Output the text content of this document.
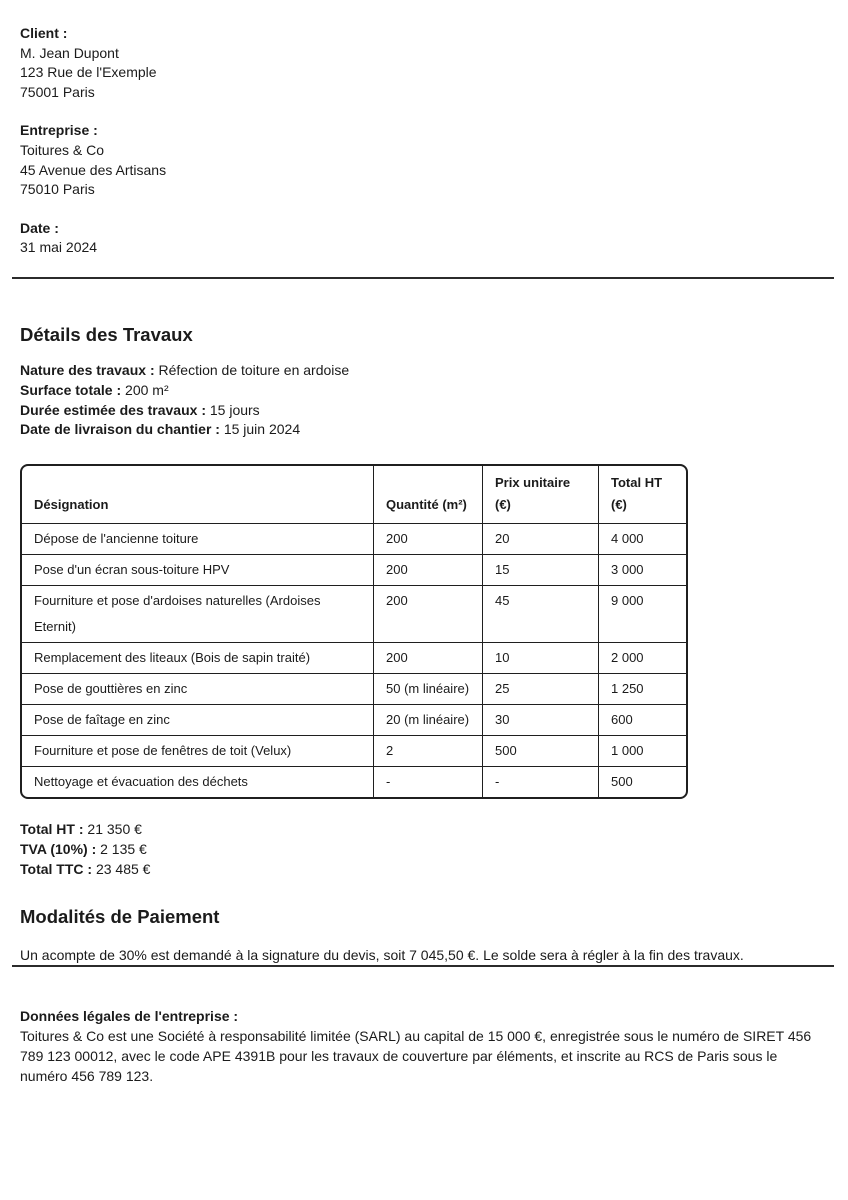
Client :
M. Jean Dupont
123 Rue de l'Exemple
75001 Paris
Entreprise :
Toitures & Co
45 Avenue des Artisans
75010 Paris
Date :
31 mai 2024
Détails des Travaux
Nature des travaux : Réfection de toiture en ardoise
Surface totale : 200 m²
Durée estimée des travaux : 15 jours
Date de livraison du chantier : 15 juin 2024
Désignation	Quantité (m²)	Prix unitaire (€)	Total HT (€)
Dépose de l'ancienne toiture	200	20	4 000
Pose d'un écran sous-toiture HPV	200	15	3 000
Fourniture et pose d'ardoises naturelles (Ardoises Eternit)	200	45	9 000
Remplacement des liteaux (Bois de sapin traité)	200	10	2 000
Pose de gouttières en zinc	50 (m linéaire)	25	1 250
Pose de faîtage en zinc	20 (m linéaire)	30	600
Fourniture et pose de fenêtres de toit (Velux)	2	500	1 000
Nettoyage et évacuation des déchets	-	-	500
Total HT : 21 350 €
TVA (10%) : 2 135 €
Total TTC : 23 485 €
Modalités de Paiement

Un acompte de 30% est demandé à la signature du devis, soit 7 045,50 €. Le solde sera à régler à la fin des travaux.

Données légales de l'entreprise :
Toitures & Co est une Société à responsabilité limitée (SARL) au capital de 15 000 €, enregistrée sous le numéro de SIRET 456 789 123 00012, avec le code APE 4391B pour les travaux de couverture par éléments, et inscrite au RCS de Paris sous le numéro 456 789 123.
